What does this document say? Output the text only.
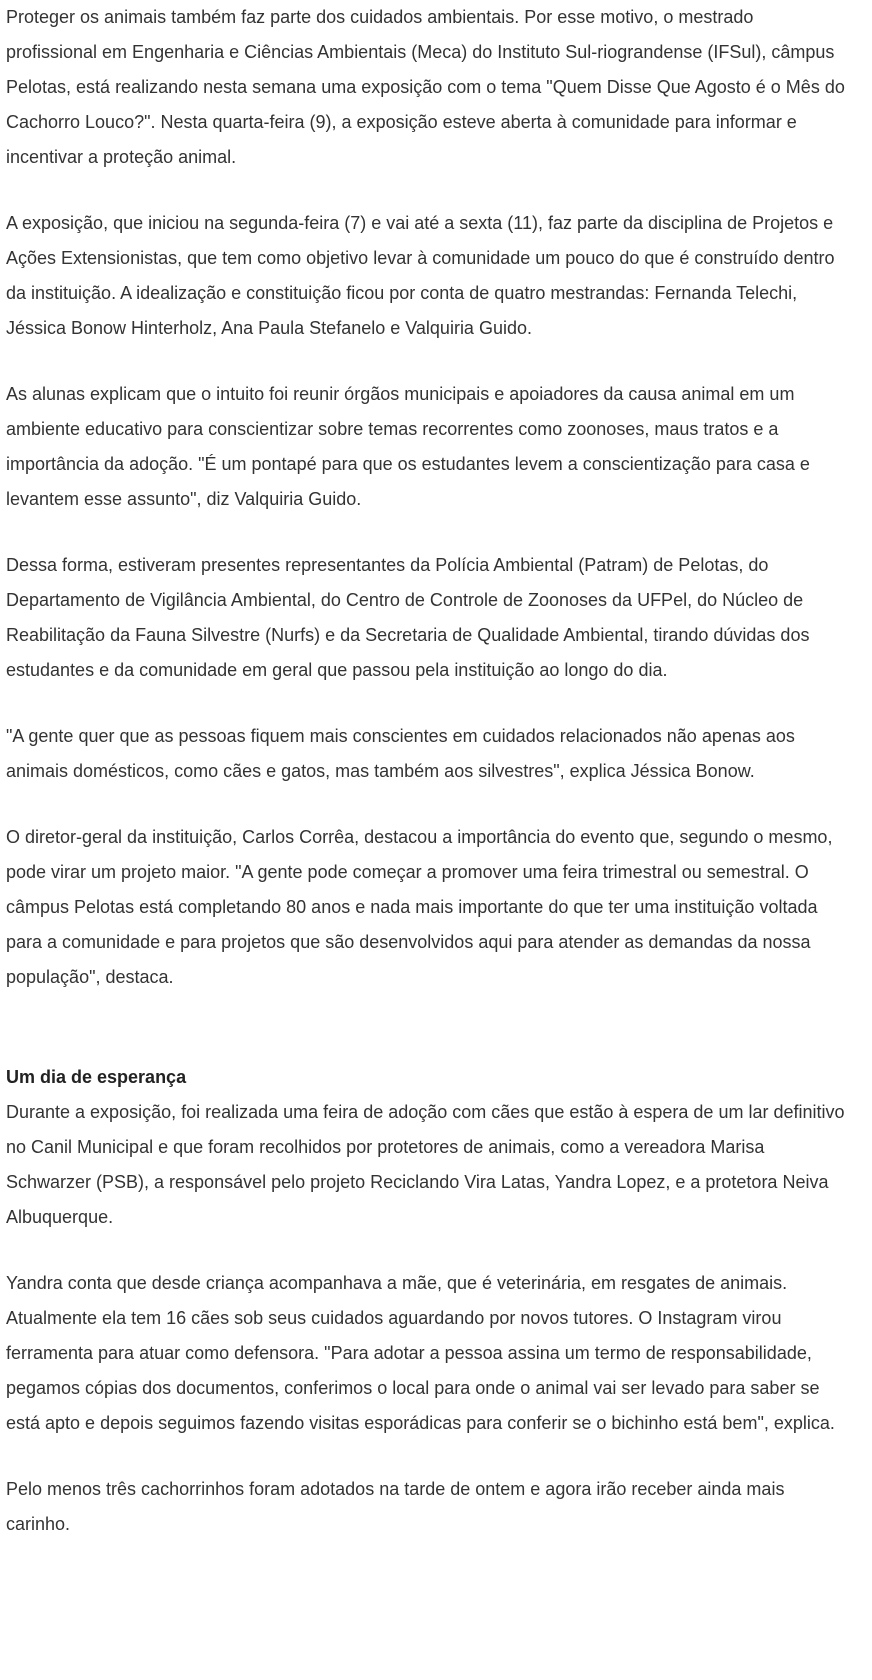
Proteger os animais também faz parte dos cuidados ambientais. Por esse motivo, o mestrado profissional em Engenharia e Ciências Ambientais (Meca) do Instituto Sul-riograndense (IFSul), câmpus Pelotas, está realizando nesta semana uma exposição com o tema "Quem Disse Que Agosto é o Mês do Cachorro Louco?". Nesta quarta-feira (9), a exposição esteve aberta à comunidade para informar e incentivar a proteção animal.

A exposição, que iniciou na segunda-feira (7) e vai até a sexta (11), faz parte da disciplina de Projetos e Ações Extensionistas, que tem como objetivo levar à comunidade um pouco do que é construído dentro da instituição. A idealização e constituição ficou por conta de quatro mestrandas: Fernanda Telechi, Jéssica Bonow Hinterholz, Ana Paula Stefanelo e Valquiria Guido.

As alunas explicam que o intuito foi reunir órgãos municipais e apoiadores da causa animal em um ambiente educativo para conscientizar sobre temas recorrentes como zoonoses, maus tratos e a importância da adoção. "É um pontapé para que os estudantes levem a conscientização para casa e levantem esse assunto", diz Valquiria Guido.

Dessa forma, estiveram presentes representantes da Polícia Ambiental (Patram) de Pelotas, do Departamento de Vigilância Ambiental, do Centro de Controle de Zoonoses da UFPel, do Núcleo de Reabilitação da Fauna Silvestre (Nurfs) e da Secretaria de Qualidade Ambiental, tirando dúvidas dos estudantes e da comunidade em geral que passou pela instituição ao longo do dia.

"A gente quer que as pessoas fiquem mais conscientes em cuidados relacionados não apenas aos animais domésticos, como cães e gatos, mas também aos silvestres", explica Jéssica Bonow.

O diretor-geral da instituição, Carlos Corrêa, destacou a importância do evento que, segundo o mesmo, pode virar um projeto maior. "A gente pode começar a promover uma feira trimestral ou semestral. O câmpus Pelotas está completando 80 anos e nada mais importante do que ter uma instituição voltada para a comunidade e para projetos que são desenvolvidos aqui para atender as demandas da nossa população", destaca.

Um dia de esperança

Durante a exposição, foi realizada uma feira de adoção com cães que estão à espera de um lar definitivo no Canil Municipal e que foram recolhidos por protetores de animais, como a vereadora Marisa Schwarzer (PSB), a responsável pelo projeto Reciclando Vira Latas, Yandra Lopez, e a protetora Neiva Albuquerque.

Yandra conta que desde criança acompanhava a mãe, que é veterinária, em resgates de animais. Atualmente ela tem 16 cães sob seus cuidados aguardando por novos tutores. O Instagram virou ferramenta para atuar como defensora. "Para adotar a pessoa assina um termo de responsabilidade, pegamos cópias dos documentos, conferimos o local para onde o animal vai ser levado para saber se está apto e depois seguimos fazendo visitas esporádicas para conferir se o bichinho está bem", explica.

Pelo menos três cachorrinhos foram adotados na tarde de ontem e agora irão receber ainda mais carinho.
